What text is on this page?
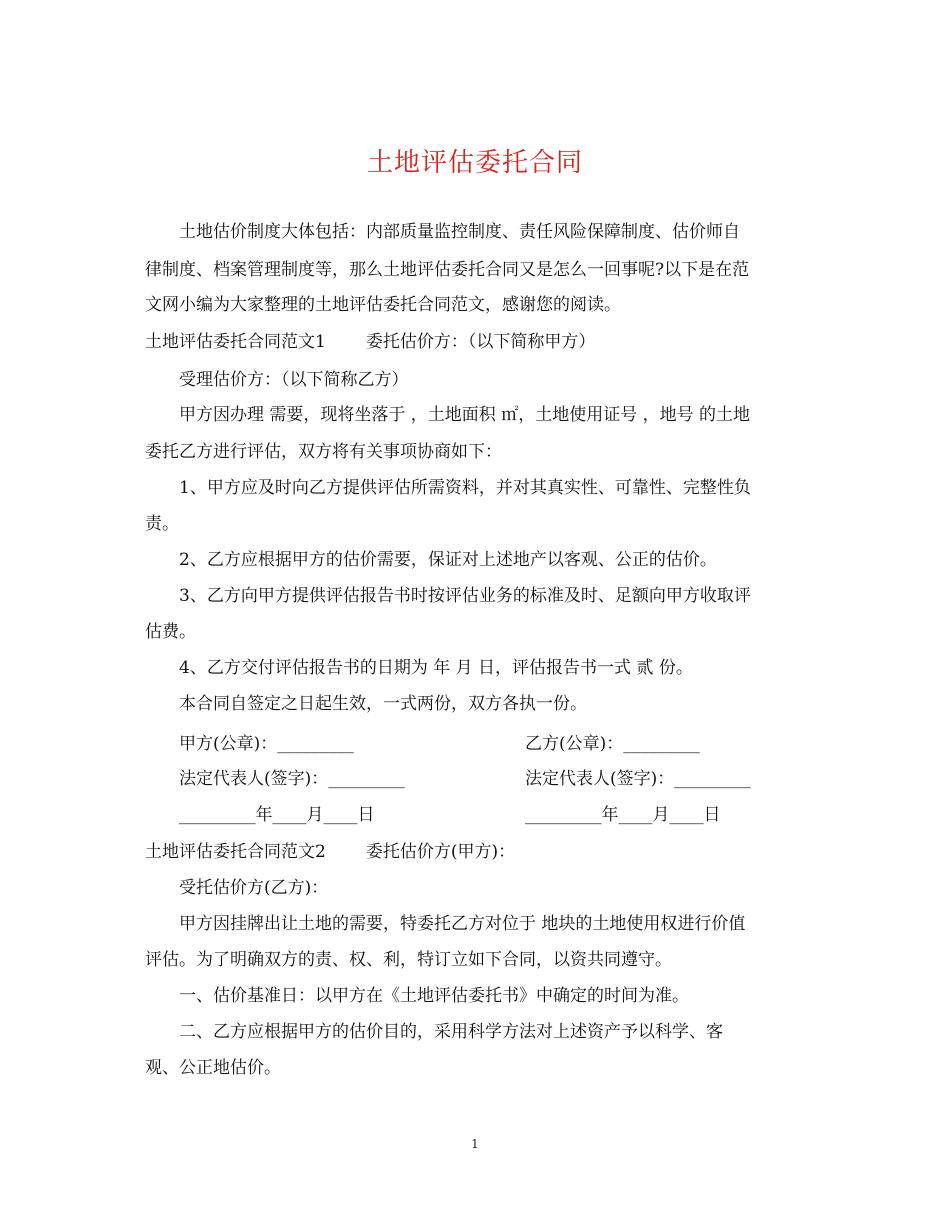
土地评估委托合同
土地估价制度大体包括：内部质量监控制度、责任风险保障制度、估价师自
律制度、档案管理制度等，那么土地评估委托合同又是怎么一回事呢?以下是在范
文网小编为大家整理的土地评估委托合同范文，感谢您的阅读。
土地评估委托合同范文1 委托估价方：（以下简称甲方）
受理估价方：（以下简称乙方）
甲方因办理 需要，现将坐落于 ，土地面积 ㎡，土地使用证号 ，地号 的土地
委托乙方进行评估，双方将有关事项协商如下：
1、甲方应及时向乙方提供评估所需资料，并对其真实性、可靠性、完整性负
责。
2、乙方应根据甲方的估价需要，保证对上述地产以客观、公正的估价。
3、乙方向甲方提供评估报告书时按评估业务的标准及时、足额向甲方收取评
估费。
4、乙方交付评估报告书的日期为 年 月 日，评估报告书一式 贰 份。
本合同自签定之日起生效，一式两份，双方各执一份。
甲方(公章)：_________	乙方(公章)：_________
法定代表人(签字)：_________	法定代表人(签字)：_________
_________年____月____日	_________年____月____日
土地评估委托合同范文2 委托估价方(甲方)：
受托估价方(乙方)：
甲方因挂牌出让土地的需要，特委托乙方对位于 地块的土地使用权进行价值
评估。为了明确双方的责、权、利，特订立如下合同，以资共同遵守。
一、估价基准日：以甲方在《土地评估委托书》中确定的时间为准。
二、乙方应根据甲方的估价目的，采用科学方法对上述资产予以科学、客
观、公正地估价。
1
